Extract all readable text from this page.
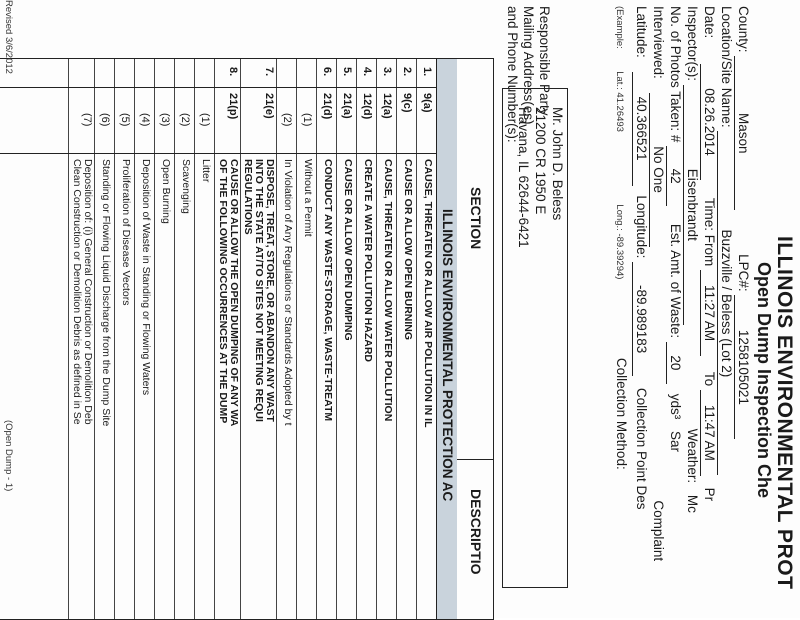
ILLINOIS ENVIRONMENTAL PROT
Open Dump Inspection Che
County: Mason LPC#: 1258105021
Location/Site Name: Buzzville / Beless (Lot 2)
Date: 08.26.2014 Time: From 11:27 AM To 11:47 AM Pr
Inspector(s): Eisenbrandt Weather: Mc
No. of Photos Taken: # 42 Est. Amt. of Waste: 20 yds³ Sar
Interviewed: No One Complaint
Latitude: 40.366521 Longitude: -89.989183 Collection Point Des
(Example: Lat.: 41.26493 Long.: -89.39294) Collection Method:
Responsible Party
Mailing Address(es)
and Phone Number(s):
Mr. John D. Beless
21200 CR 1950 E
Havana, IL 62644-6421
SECTION
DESCRIPTIO
ILLINOIS ENVIRONMENTAL PROTECTION AC
1.
9(a)
CAUSE, THREATEN OR ALLOW AIR POLLUTION IN IL
2.
9(c)
CAUSE OR ALLOW OPEN BURNING
3.
12(a)
CAUSE, THREATEN OR ALLOW WATER POLLUTION
4.
12(d)
CREATE A WATER POLLUTION HAZARD
5.
21(a)
CAUSE OR ALLOW OPEN DUMPING
6.
21(d)
CONDUCT ANY WASTE-STORAGE, WASTE-TREATM
(1)
Without a Permit
(2)
In Violation of Any Regulations or Standards Adopted by t
7.
21(e)
DISPOSE, TREAT, STORE, OR ABANDON ANY WAST
INTO THE STATE AT/TO SITES NOT MEETING REQUI
REGULATIONS
8.
21(p)
CAUSE OR ALLOW THE OPEN DUMPING OF ANY WA
OF THE FOLLOWING OCCURRENCES AT THE DUMP
(1)
Litter
(2)
Scavenging
(3)
Open Burning
(4)
Deposition of Waste in Standing or Flowing Waters
(5)
Proliferation of Disease Vectors
(6)
Standing or Flowing Liquid Discharge from the Dump Site
(7)
Deposition of: (i) General Construction or Demolition Deb
Clean Construction or Demolition Debris as defined in Se
Revised 3/6/2012
(Open Dump - 1)
